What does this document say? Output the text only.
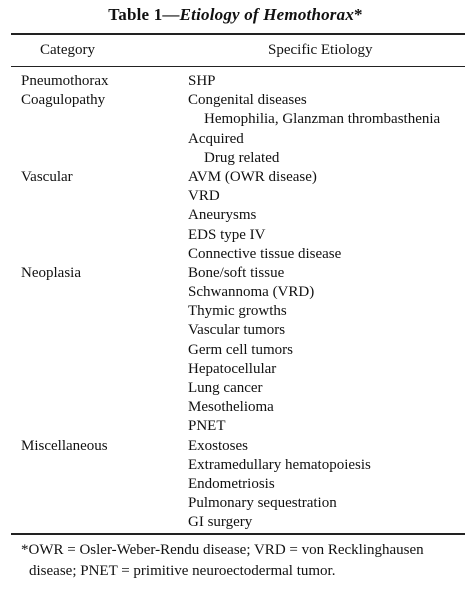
Table 1—Etiology of Hemothorax*
Category	Specific Etiology
Pneumothorax	SHP
Coagulopathy	Congenital diseases
Hemophilia, Glanzman thrombasthenia
Acquired
Drug related
Vascular	AVM (OWR disease)
VRD
Aneurysms
EDS type IV
Connective tissue disease
Neoplasia	Bone/soft tissue
Schwannoma (VRD)
Thymic growths
Vascular tumors
Germ cell tumors
Hepatocellular
Lung cancer
Mesothelioma
PNET
Miscellaneous	Exostoses
Extramedullary hematopoiesis
Endometriosis
Pulmonary sequestration
GI surgery
*OWR = Osler-Weber-Rendu disease; VRD = von Recklinghausen
disease; PNET = primitive neuroectodermal tumor.
